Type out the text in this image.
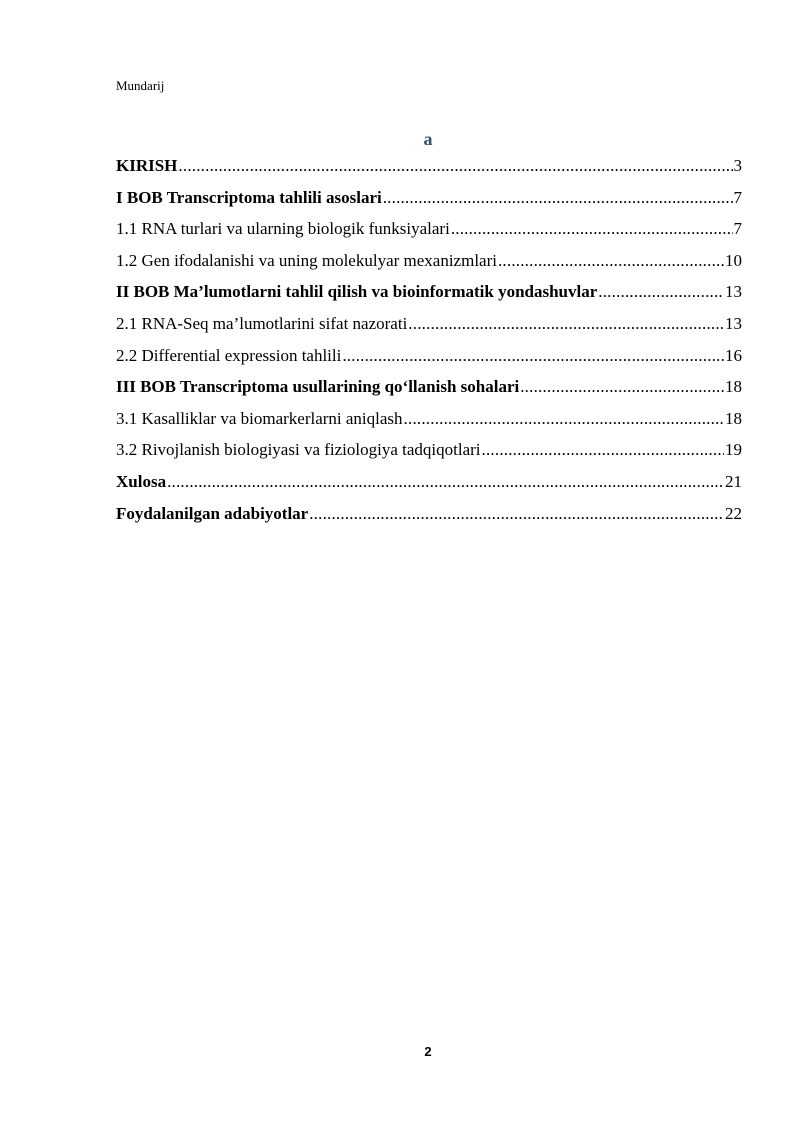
Mundarij
a
KIRISH .....	3
I BOB Transcriptoma tahlili asoslari .....	7
1.1 RNA turlari va ularning biologik funksiyalari .....	7
1.2 Gen ifodalanishi va uning molekulyar mexanizmlari .....	10
II BOB Ma’lumotlarni tahlil qilish va bioinformatik yondashuvlar .....	13
2.1 RNA-Seq ma’lumotlarini sifat nazorati .....	13
2.2 Differential expression tahlili .....	16
III BOB Transcriptoma usullarining qo‘llanish sohalari .....	18
3.1 Kasalliklar va biomarkerlarni aniqlash .....	18
3.2 Rivojlanish biologiyasi va fiziologiya tadqiqotlari .....	19
Xulosa .....	21
Foydalanilgan adabiyotlar .....	22
2
